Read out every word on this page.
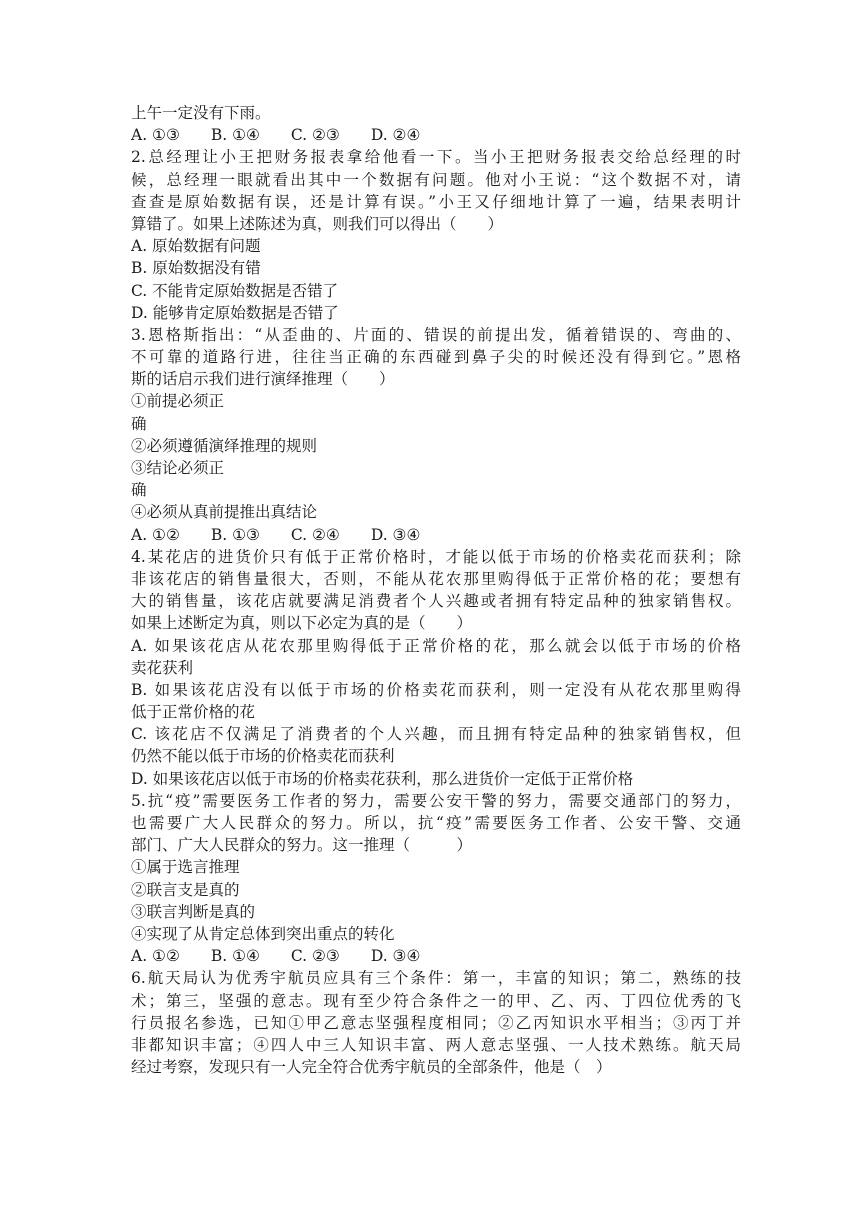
上午一定没有下雨。
A. ①③　　B. ①④　　C. ②③　　D. ②④
2.总经理让小王把财务报表拿给他看一下。当小王把财务报表交给总经理的时
候，总经理一眼就看出其中一个数据有问题。他对小王说：“这个数据不对，请
查查是原始数据有误，还是计算有误。”小王又仔细地计算了一遍，结果表明计
算错了。如果上述陈述为真，则我们可以得出（　　）
A. 原始数据有问题
B. 原始数据没有错
C. 不能肯定原始数据是否错了
D. 能够肯定原始数据是否错了
3.恩格斯指出：“从歪曲的、片面的、错误的前提出发，循着错误的、弯曲的、
不可靠的道路行进，往往当正确的东西碰到鼻子尖的时候还没有得到它。”恩格
斯的话启示我们进行演绎推理（　　）
①前提必须正
确
②必须遵循演绎推理的规则
③结论必须正
确
④必须从真前提推出真结论
A. ①②　　B. ①③　　C. ②④　　D. ③④
4.某花店的进货价只有低于正常价格时，才能以低于市场的价格卖花而获利；除
非该花店的销售量很大，否则，不能从花农那里购得低于正常价格的花；要想有
大的销售量，该花店就要满足消费者个人兴趣或者拥有特定品种的独家销售权。
如果上述断定为真，则以下必定为真的是（　　）
A. 如果该花店从花农那里购得低于正常价格的花，那么就会以低于市场的价格
卖花获利
B. 如果该花店没有以低于市场的价格卖花而获利，则一定没有从花农那里购得
低于正常价格的花
C. 该花店不仅满足了消费者的个人兴趣，而且拥有特定品种的独家销售权，但
仍然不能以低于市场的价格卖花而获利
D. 如果该花店以低于市场的价格卖花获利，那么进货价一定低于正常价格
5.抗“疫”需要医务工作者的努力，需要公安干警的努力，需要交通部门的努力，
也需要广大人民群众的努力。所以，抗“疫”需要医务工作者、公安干警、交通
部门、广大人民群众的努力。这一推理（　　　）
①属于选言推理
②联言支是真的
③联言判断是真的
④实现了从肯定总体到突出重点的转化
A. ①②　　B. ①④　　C. ②③　　D. ③④
6.航天局认为优秀宇航员应具有三个条件：第一，丰富的知识；第二，熟练的技
术；第三，坚强的意志。现有至少符合条件之一的甲、乙、丙、丁四位优秀的飞
行员报名参选，已知①甲乙意志坚强程度相同；②乙丙知识水平相当；③丙丁并
非都知识丰富；④四人中三人知识丰富、两人意志坚强、一人技术熟练。航天局
经过考察，发现只有一人完全符合优秀宇航员的全部条件，他是（　）
